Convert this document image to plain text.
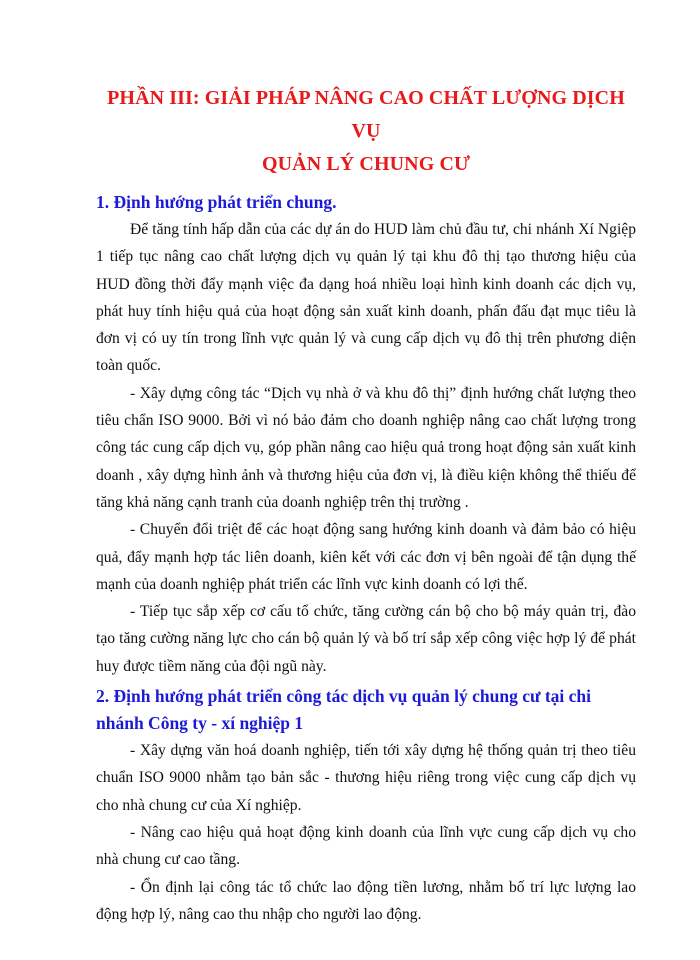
PHẦN III: GIẢI PHÁP NÂNG CAO CHẤT LƯỢNG DỊCH VỤ
QUẢN LÝ CHUNG CƯ
1. Định hướng phát triển chung.

Để tăng tính hấp dẫn của các dự án do HUD làm chủ đầu tư, chi nhánh Xí Ngiệp 1 tiếp tục nâng cao chất lượng dịch vụ quản lý tại khu đô thị tạo thương hiệu của HUD đồng thời đẩy mạnh việc đa dạng hoá nhiều loại hình kinh doanh các dịch vụ, phát huy tính hiệu quả của hoạt động sản xuất kinh doanh, phấn đấu đạt mục tiêu là đơn vị có uy tín trong lĩnh vực quản lý và cung cấp dịch vụ đô thị trên phương diện toàn quốc.

- Xây dựng công tác “Dịch vụ nhà ở và khu đô thị” định hướng chất lượng theo tiêu chẩn ISO 9000. Bởi vì nó bảo đảm cho doanh nghiệp nâng cao chất lượng trong công tác cung cấp dịch vụ, góp phần nâng cao hiệu quả trong hoạt động sản xuất kinh doanh , xây dựng hình ảnh và thương hiệu của đơn vị, là điều kiện không thể thiếu để tăng khả năng cạnh tranh của doanh nghiệp trên thị trường .

- Chuyển đổi triệt để các hoạt động sang hướng kinh doanh và đảm bảo có hiệu quả, đẩy mạnh hợp tác liên doanh, kiên kết với các đơn vị bên ngoài để tận dụng thế mạnh của doanh nghiệp phát triển các lĩnh vực kinh doanh có lợi thế.

- Tiếp tục sắp xếp cơ cấu tổ chức, tăng cường cán bộ cho bộ máy quản trị, đào tạo tăng cường năng lực cho cán bộ quản lý và bố trí sắp xếp công việc hợp lý để phát huy được tiềm năng của đội ngũ này.

2. Định hướng phát triển công tác dịch vụ quản lý chung cư tại chi nhánh Công ty - xí nghiệp 1

- Xây dựng văn hoá doanh nghiệp, tiến tới xây dựng hệ thống quản trị theo tiêu chuẩn ISO 9000 nhằm tạo bản sắc - thương hiệu riêng trong việc cung cấp dịch vụ cho nhà chung cư của Xí nghiệp.

- Nâng cao hiệu quả hoạt động kinh doanh của lĩnh vực cung cấp dịch vụ cho nhà chung cư cao tầng.

- Ổn định lại công tác tổ chức lao động tiền lương, nhằm bố trí lực lượng lao động hợp lý, nâng cao thu nhập cho người lao động.
